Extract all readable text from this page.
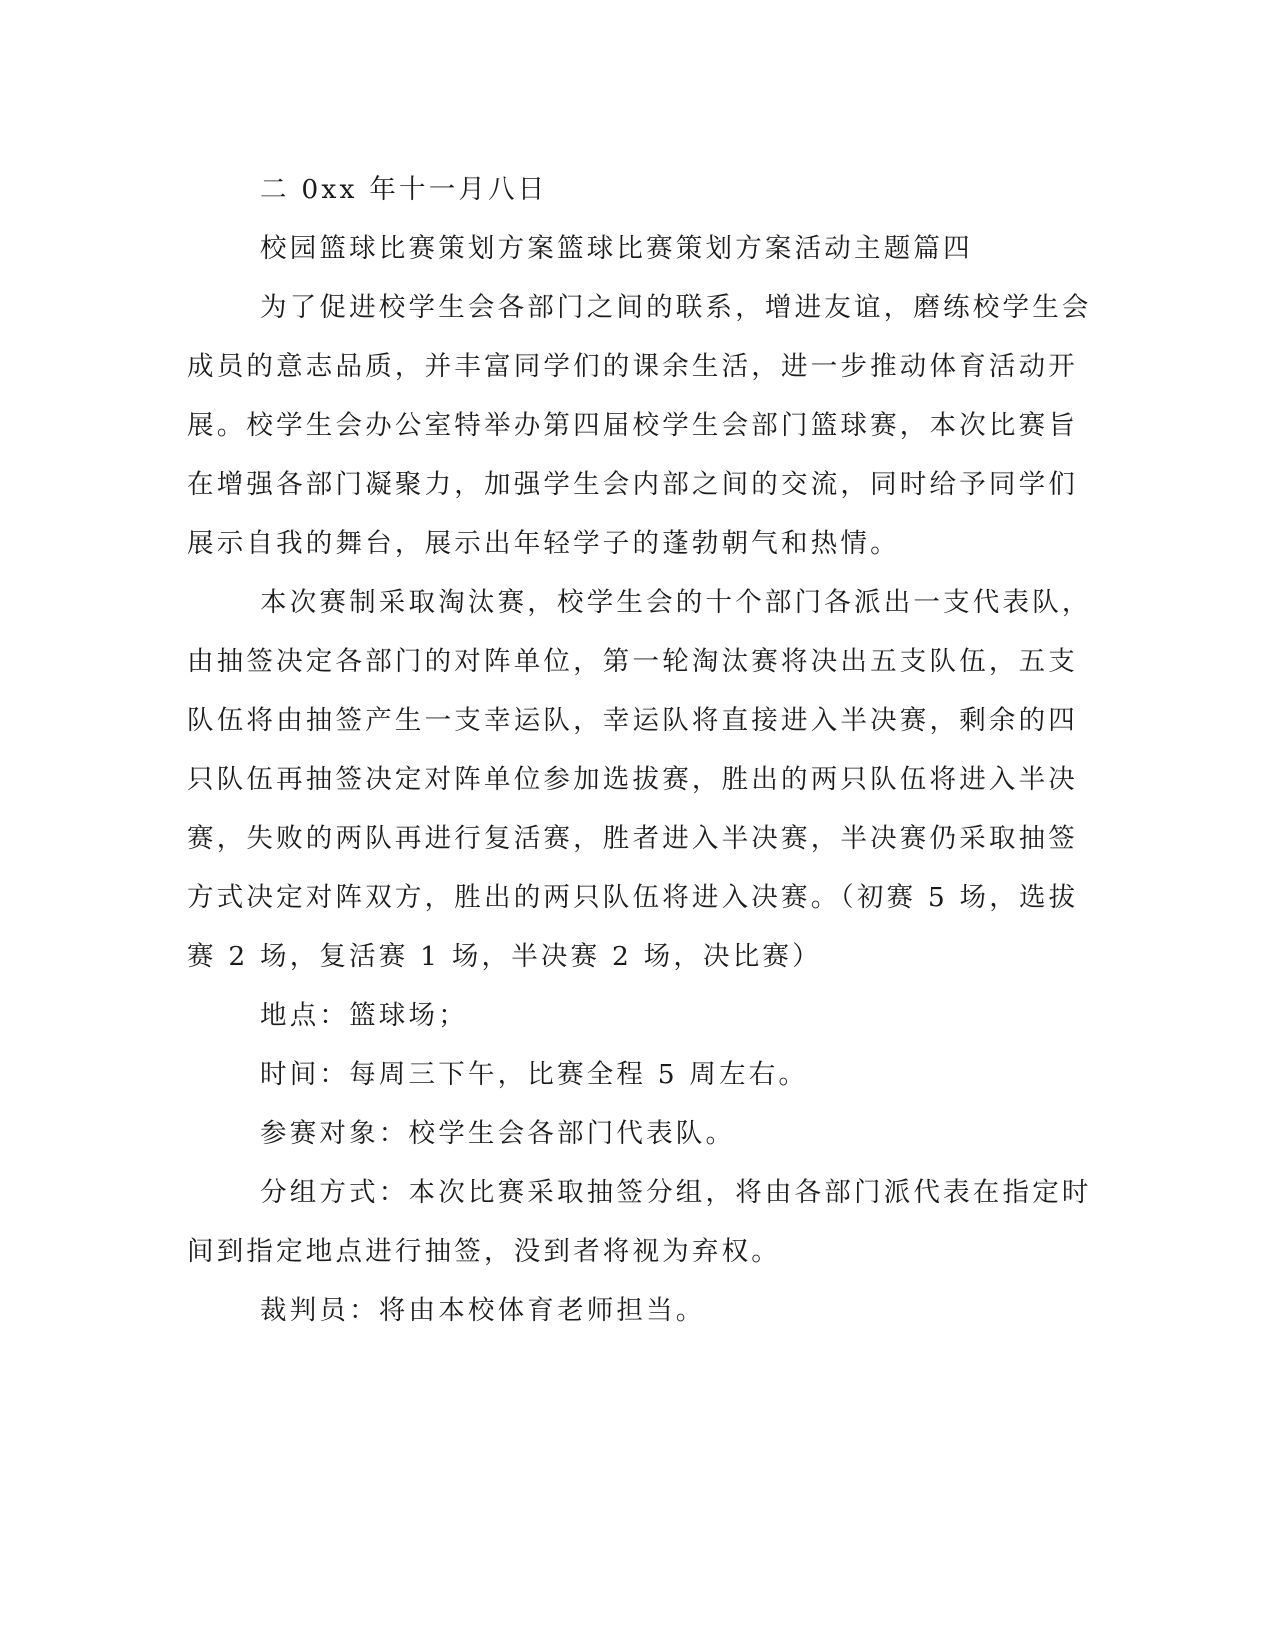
二 0xx 年十一月八日

校园篮球比赛策划方案篮球比赛策划方案活动主题篇四

为了促进校学生会各部门之间的联系，增进友谊，磨练校学生会
成员的意志品质，并丰富同学们的课余生活，进一步推动体育活动开
展。校学生会办公室特举办第四届校学生会部门篮球赛，本次比赛旨
在增强各部门凝聚力，加强学生会内部之间的交流，同时给予同学们
展示自我的舞台，展示出年轻学子的蓬勃朝气和热情。
本次赛制采取淘汰赛，校学生会的十个部门各派出一支代表队，
由抽签决定各部门的对阵单位，第一轮淘汰赛将决出五支队伍，五支
队伍将由抽签产生一支幸运队，幸运队将直接进入半决赛，剩余的四
只队伍再抽签决定对阵单位参加选拔赛，胜出的两只队伍将进入半决
赛，失败的两队再进行复活赛，胜者进入半决赛，半决赛仍采取抽签
方式决定对阵双方，胜出的两只队伍将进入决赛。（初赛 5 场，选拔
赛 2 场，复活赛 1 场，半决赛 2 场，决比赛）

地点：篮球场；

时间：每周三下午，比赛全程 5 周左右。

参赛对象：校学生会各部门代表队。

分组方式：本次比赛采取抽签分组，将由各部门派代表在指定时
间到指定地点进行抽签，没到者将视为弃权。

裁判员：将由本校体育老师担当。
